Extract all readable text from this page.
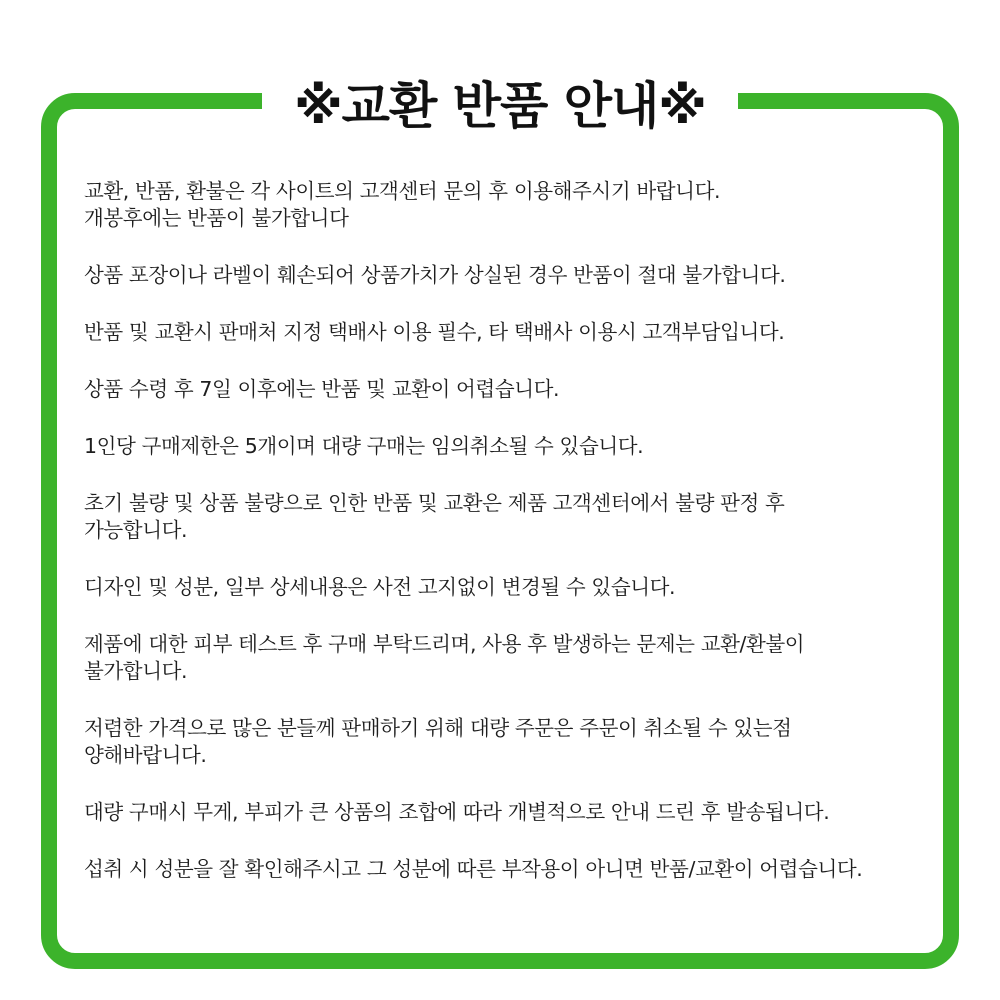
※교환 반품 안내※

교환, 반품, 환불은 각 사이트의 고객센터 문의 후 이용해주시기 바랍니다.
개봉후에는 반품이 불가합니다

상품 포장이나 라벨이 훼손되어 상품가치가 상실된 경우 반품이 절대 불가합니다.

반품 및 교환시 판매처 지정 택배사 이용 필수, 타 택배사 이용시 고객부담입니다.

상품 수령 후 7일 이후에는 반품 및 교환이 어렵습니다.

1인당 구매제한은 5개이며 대량 구매는 임의취소될 수 있습니다.

초기 불량 및 상품 불량으로 인한 반품 및 교환은 제품 고객센터에서 불량 판정 후
가능합니다.

디자인 및 성분, 일부 상세내용은 사전 고지없이 변경될 수 있습니다.

제품에 대한 피부 테스트 후 구매 부탁드리며, 사용 후 발생하는 문제는 교환/환불이
불가합니다.

저렴한 가격으로 많은 분들께 판매하기 위해 대량 주문은 주문이 취소될 수 있는점
양해바랍니다.

대량 구매시 무게, 부피가 큰 상품의 조합에 따라 개별적으로 안내 드린 후 발송됩니다.

섭취 시 성분을 잘 확인해주시고 그 성분에 따른 부작용이 아니면 반품/교환이 어렵습니다.
